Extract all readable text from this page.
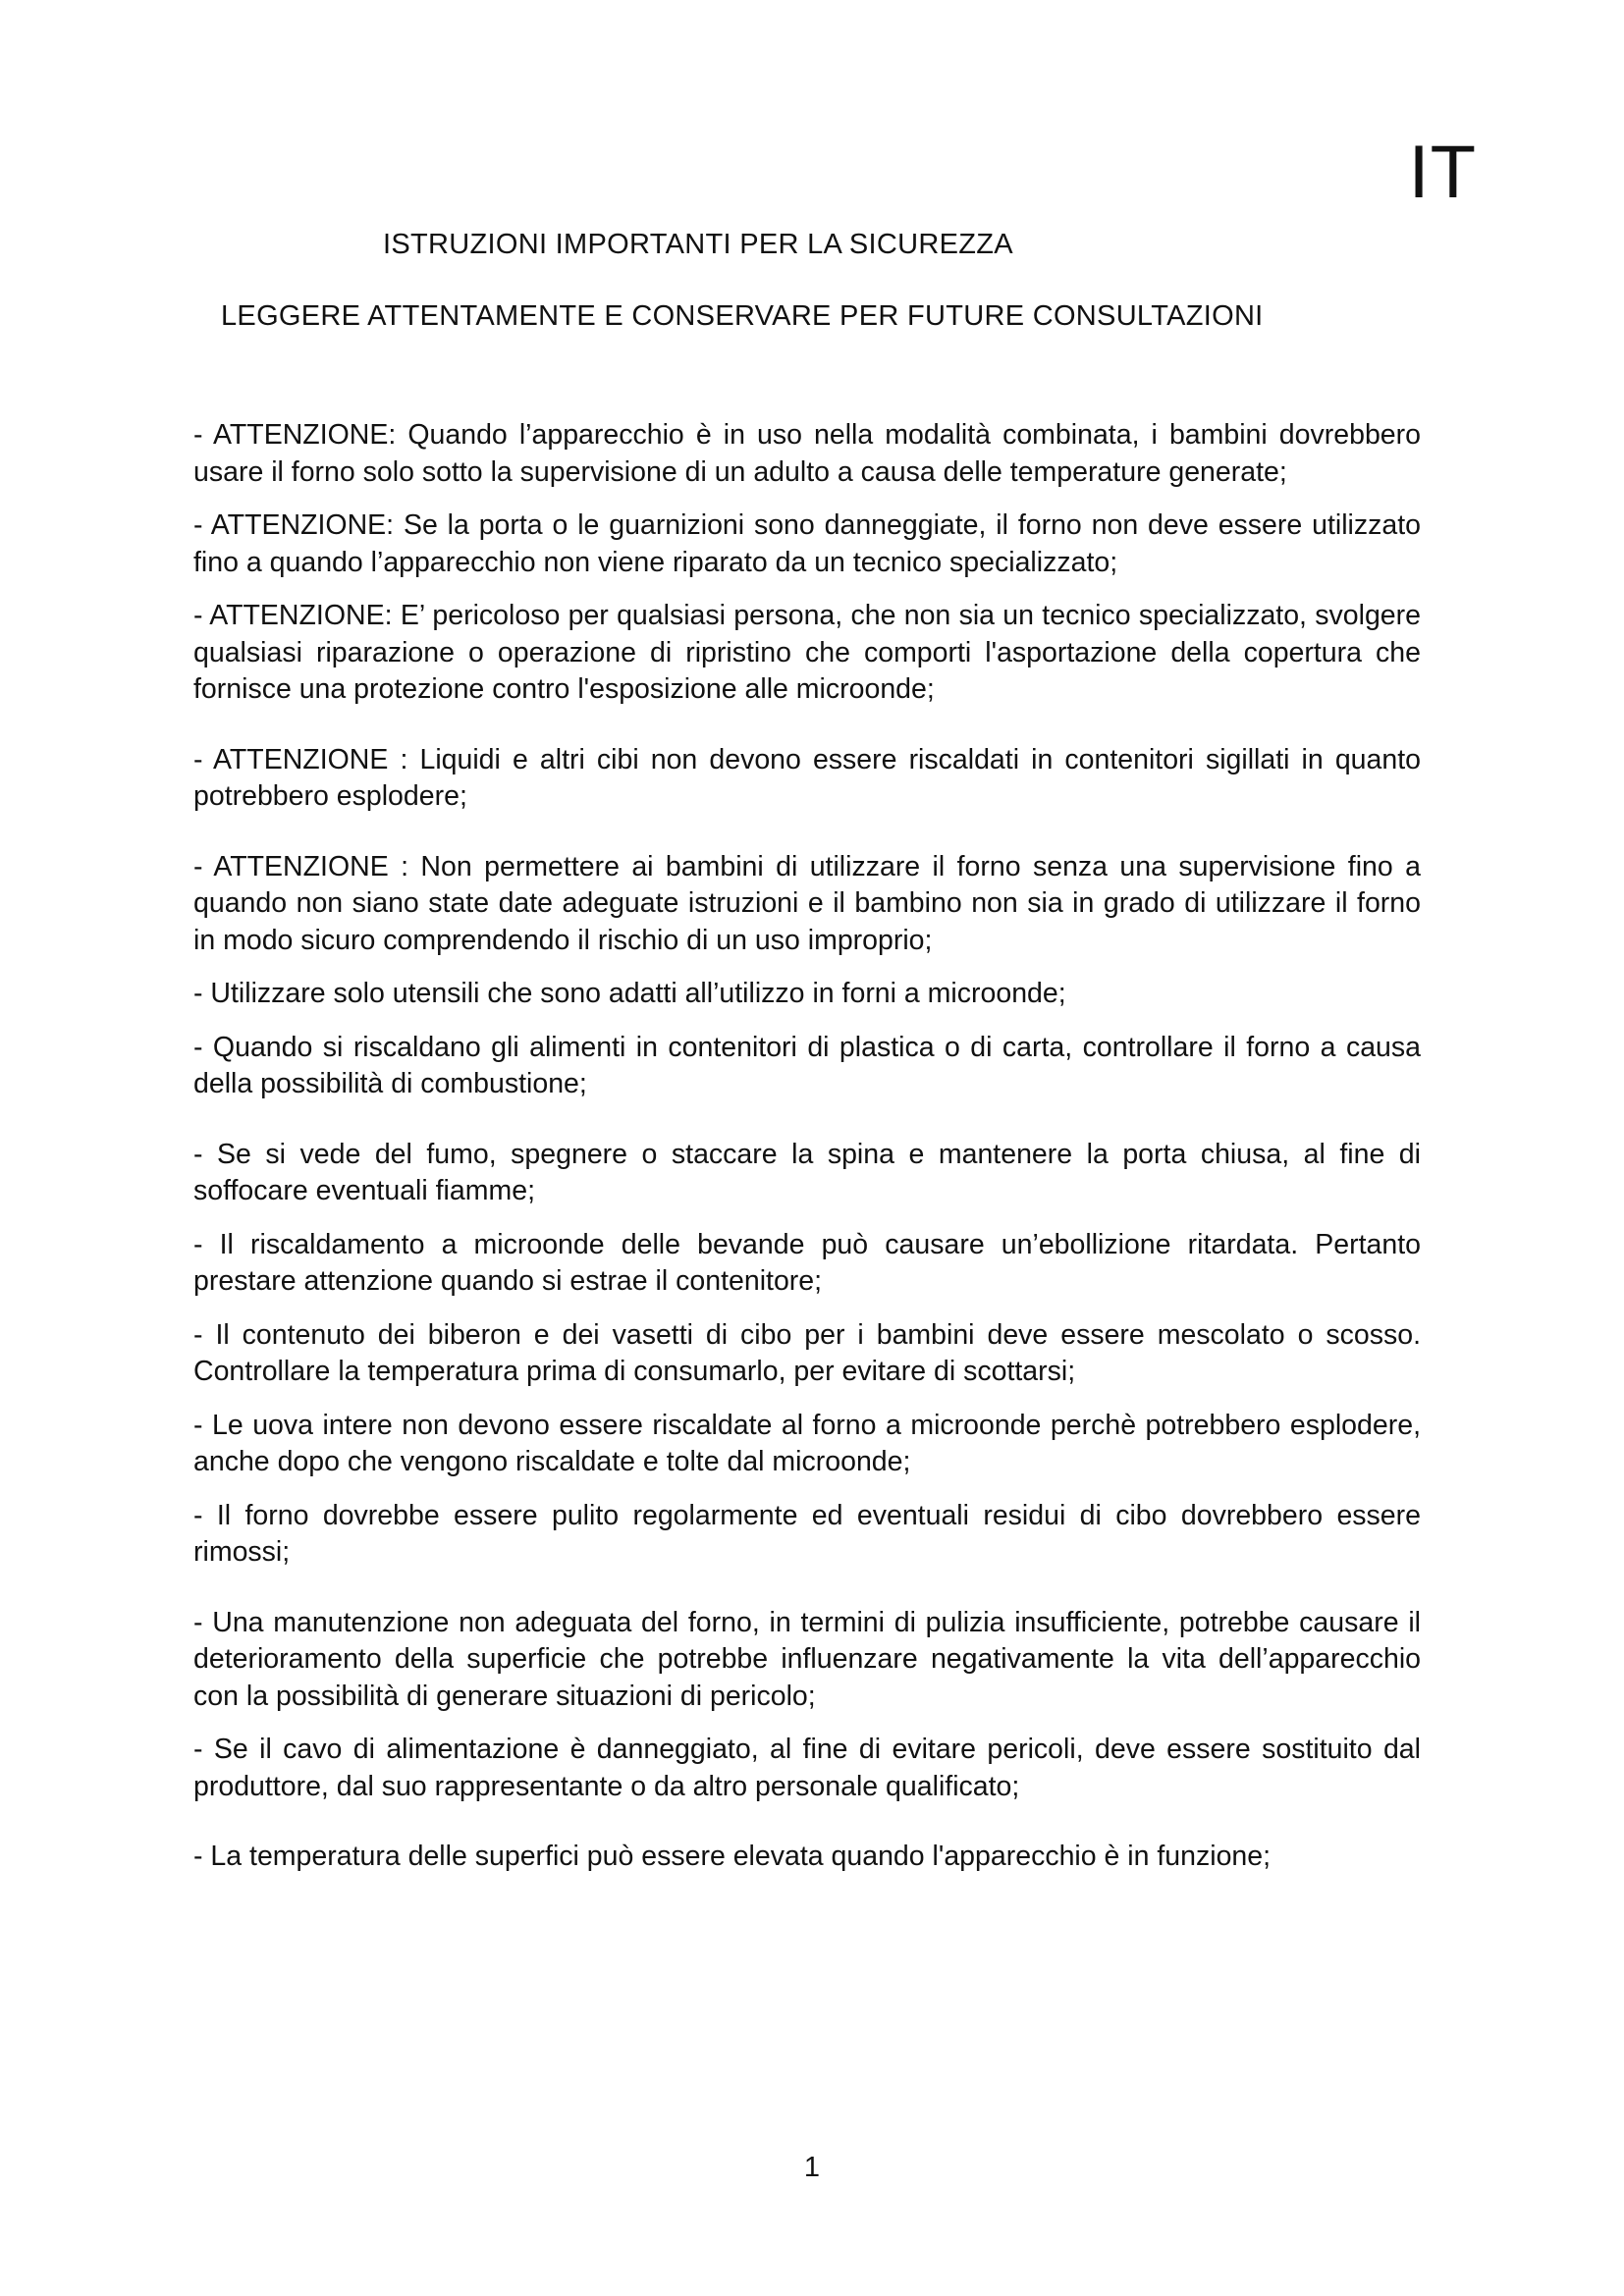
IT
ISTRUZIONI IMPORTANTI PER LA SICUREZZA
LEGGERE ATTENTAMENTE E CONSERVARE PER FUTURE CONSULTAZIONI

- ATTENZIONE: Quando l’apparecchio è in uso nella modalità combinata, i bambini dovrebbero usare il forno solo sotto la supervisione di un adulto a causa delle temperature generate;

- ATTENZIONE: Se la porta o le guarnizioni sono danneggiate, il forno non deve essere utilizzato fino a quando l’apparecchio non viene riparato da un tecnico specializzato;

- ATTENZIONE: E’ pericoloso per qualsiasi persona, che non sia un tecnico specializzato, svolgere qualsiasi riparazione o operazione di ripristino che comporti l'asportazione della copertura che fornisce una protezione contro l'esposizione alle microonde;

- ATTENZIONE : Liquidi e altri cibi non devono essere riscaldati in contenitori sigillati in quanto potrebbero esplodere;

- ATTENZIONE : Non permettere ai bambini di utilizzare il forno senza una supervisione fino a quando non siano state date adeguate istruzioni e il bambino non sia in grado di utilizzare il forno in modo sicuro comprendendo il rischio di un uso improprio;

- Utilizzare solo utensili che sono adatti all’utilizzo in forni a microonde;

- Quando si riscaldano gli alimenti in contenitori di plastica o di carta, controllare il forno a causa della possibilità di combustione;

- Se si vede del fumo, spegnere o staccare la spina e mantenere la porta chiusa, al fine di soffocare eventuali fiamme;

- Il riscaldamento a microonde delle bevande può causare un’ebollizione ritardata. Pertanto prestare attenzione quando si estrae il contenitore;

- Il contenuto dei biberon e dei vasetti di cibo per i bambini deve essere mescolato o scosso. Controllare la temperatura prima di consumarlo, per evitare di scottarsi;

- Le uova intere non devono essere riscaldate al forno a microonde perchè potrebbero esplodere, anche dopo che vengono riscaldate e tolte dal microonde;

- Il forno dovrebbe essere pulito regolarmente ed eventuali residui di cibo dovrebbero essere rimossi;

- Una manutenzione non adeguata del forno, in termini di pulizia insufficiente, potrebbe causare il deterioramento della superficie che potrebbe influenzare negativamente la vita dell’apparecchio con la possibilità di generare situazioni di pericolo;

- Se il cavo di alimentazione è danneggiato, al fine di evitare pericoli, deve essere sostituito dal produttore, dal suo rappresentante o da altro personale qualificato;

- La temperatura delle superfici può essere elevata quando l'apparecchio è in funzione;

1
